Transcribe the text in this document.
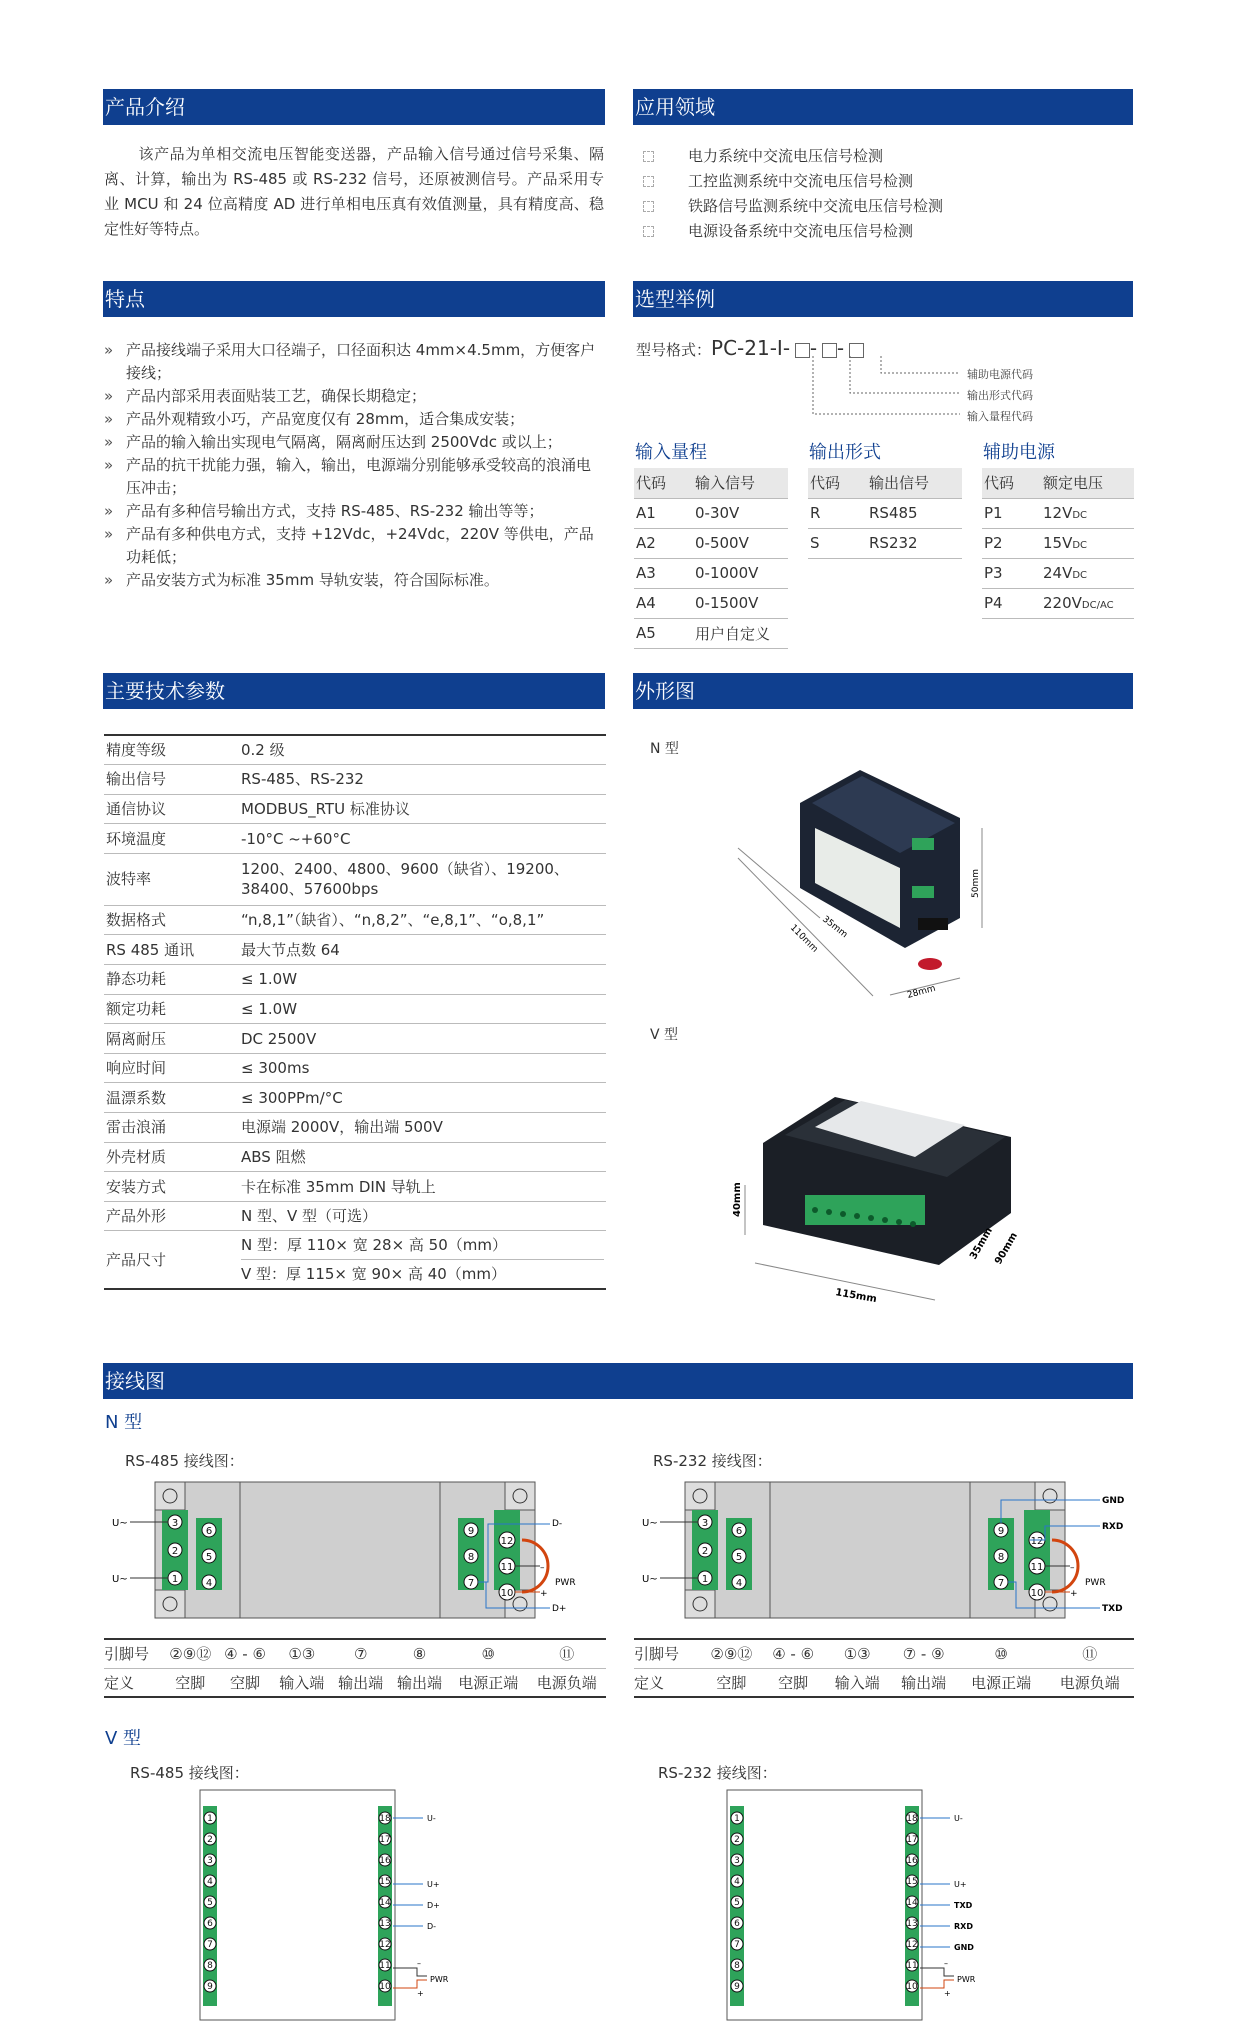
产品介绍	应用领域
特点	选型举例
主要技术参数	外形图
接线图
该产品为单相交流电压智能变送器，产品输入信号通过信号采集、隔离、计算，输出为 RS-485 或 RS-232 信号，还原被测信号。产品采用专业 MCU 和 24 位高精度 AD 进行单相电压真有效值测量，具有精度高、稳定性好等特点。
电力系统中交流电压信号检测
工控监测系统中交流电压信号检测
铁路信号监测系统中交流电压信号检测
电源设备系统中交流电压信号检测
» 产品接线端子采用大口径端子，口径面积达 4mm×4.5mm，方便客户接线；
» 产品内部采用表面贴装工艺，确保长期稳定；
» 产品外观精致小巧，产品宽度仅有 28mm，适合集成安装；
» 产品的输入输出实现电气隔离，隔离耐压达到 2500Vdc 或以上；
» 产品的抗干扰能力强，输入，输出，电源端分别能够承受较高的浪涌电压冲击；
» 产品有多种信号输出方式，支持 RS-485、RS-232 输出等等；
» 产品有多种供电方式，支持 +12Vdc，+24Vdc，220V 等供电，产品功耗低；
» 产品安装方式为标准 35mm 导轨安装，符合国际标准。
型号格式：PC-21-I- - -
辅助电源代码
输出形式代码
输入量程代码
输入量程
代码	输入信号
A1	0-30V
A2	0-500V
A3	0-1000V
A4	0-1500V
A5	用户自定义
输出形式
代码	输出信号
R	RS485
S	RS232
辅助电源
代码	额定电压
P1	12VDC
P2	15VDC
P3	24VDC
P4	220VDC/AC
精度等级	0.2 级
输出信号	RS-485、RS-232
通信协议	MODBUS_RTU 标准协议
环境温度	-10°C ~+60°C
波特率	1200、2400、4800、9600（缺省）、19200、38400、57600bps
数据格式	“n,8,1”（缺省）、“n,8,2”、“e,8,1”、“o,8,1”
RS 485 通讯	最大节点数 64
静态功耗	≤ 1.0W
额定功耗	≤ 1.0W
隔离耐压	DC 2500V
响应时间	≤ 300ms
温漂系数	≤ 300PPm/°C
雷击浪涌	电源端 2000V，输出端 500V
外壳材质	ABS 阻燃
安装方式	卡在标准 35mm DIN 导轨上
产品外形	N 型、V 型（可选）
产品尺寸	N 型：厚 110× 宽 28× 高 50（mm）
V 型：厚 115× 宽 90× 高 40（mm）
N 型
35mm
110mm
28mm
50mm
V 型
40mm
115mm
35mm
90mm
N 型
RS-485 接线图：	RS-232 接线图：
3
2
1
6
5
4
9
8
7
12
11
10
U~
U~
D-
D+
–
+
PWR
3
2
1
6
5
4
9
8
7
12
11
10
U~
U~
GND
RXD
TXD
–
+
PWR
引脚号	②⑨⑫	④ - ⑥	①③	⑦	⑧	⑩	⑪
定义	空脚	空脚	输入端	输出端	输出端	电源正端	电源负端
引脚号	②⑨⑫	④ - ⑥	①③	⑦ - ⑨	⑩	⑪
定义	空脚	空脚	输入端	输出端	电源正端	电源负端
V 型
RS-485 接线图：	RS-232 接线图：
1	18
2	17
3	16
4	15
5	14
6	13
7	12
8	11
9	10
U-
U+
D+
D-
–
+
PWR
1	18
2	17
3	16
4	15
5	14
6	13
7	12
8	11
9	10
U-
U+
TXD
RXD
GND
–
+
PWR
